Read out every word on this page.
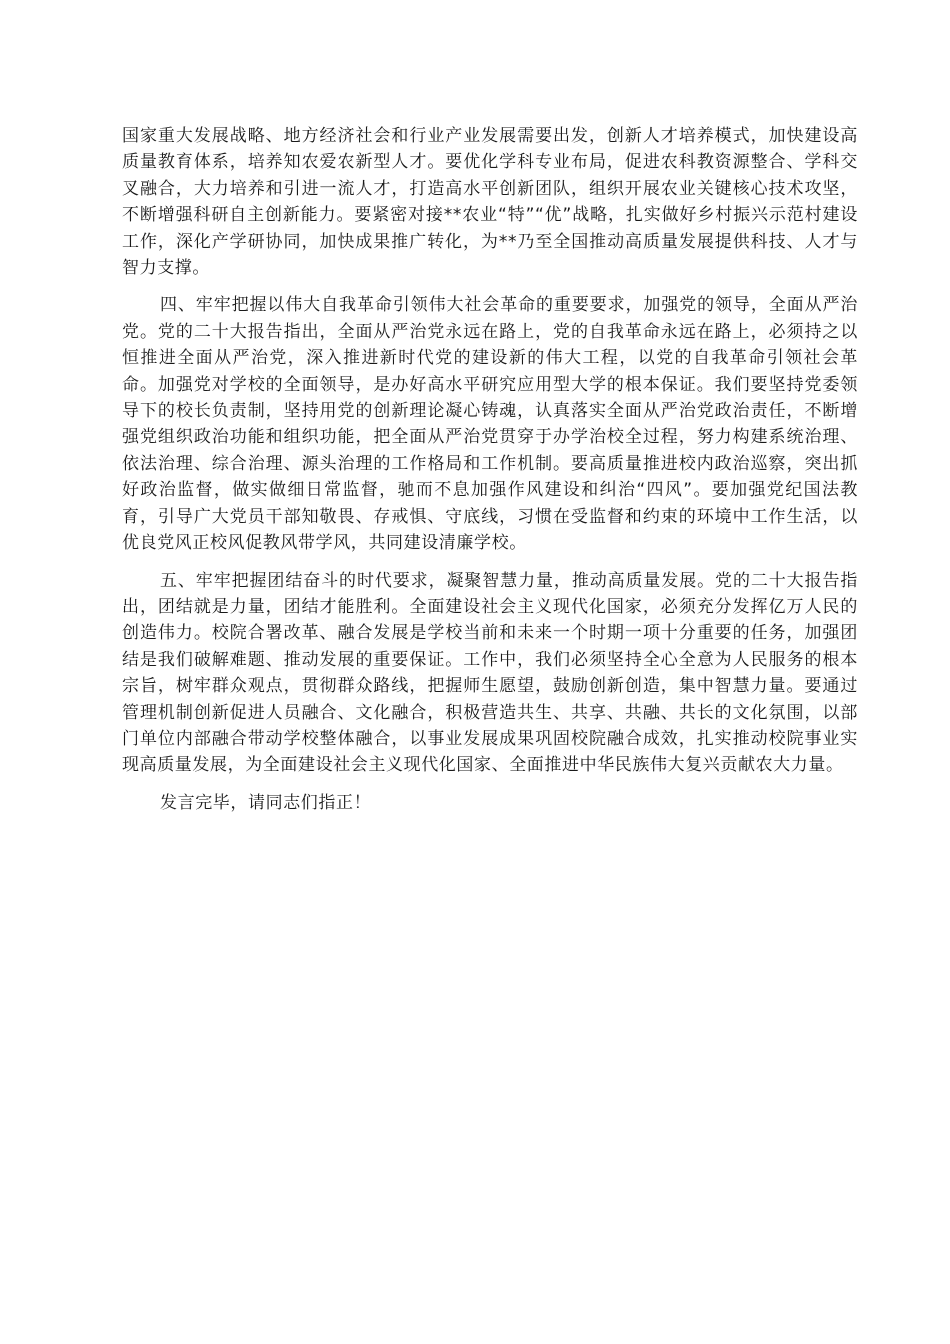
国家重大发展战略、地方经济社会和行业产业发展需要出发，创新人才培养模式，加快建设高质量教育体系，培养知农爱农新型人才。要优化学科专业布局，促进农科教资源整合、学科交叉融合，大力培养和引进一流人才，打造高水平创新团队，组织开展农业关键核心技术攻坚，不断增强科研自主创新能力。要紧密对接**农业“特”“优”战略，扎实做好乡村振兴示范村建设工作，深化产学研协同，加快成果推广转化，为**乃至全国推动高质量发展提供科技、人才与智力支撑。

四、牢牢把握以伟大自我革命引领伟大社会革命的重要要求，加强党的领导，全面从严治党。党的二十大报告指出，全面从严治党永远在路上，党的自我革命永远在路上，必须持之以恒推进全面从严治党，深入推进新时代党的建设新的伟大工程，以党的自我革命引领社会革命。加强党对学校的全面领导，是办好高水平研究应用型大学的根本保证。我们要坚持党委领导下的校长负责制，坚持用党的创新理论凝心铸魂，认真落实全面从严治党政治责任，不断增强党组织政治功能和组织功能，把全面从严治党贯穿于办学治校全过程，努力构建系统治理、依法治理、综合治理、源头治理的工作格局和工作机制。要高质量推进校内政治巡察，突出抓好政治监督，做实做细日常监督，驰而不息加强作风建设和纠治“四风”。要加强党纪国法教育，引导广大党员干部知敬畏、存戒惧、守底线，习惯在受监督和约束的环境中工作生活，以优良党风正校风促教风带学风，共同建设清廉学校。

五、牢牢把握团结奋斗的时代要求，凝聚智慧力量，推动高质量发展。党的二十大报告指出，团结就是力量，团结才能胜利。全面建设社会主义现代化国家，必须充分发挥亿万人民的创造伟力。校院合署改革、融合发展是学校当前和未来一个时期一项十分重要的任务，加强团结是我们破解难题、推动发展的重要保证。工作中，我们必须坚持全心全意为人民服务的根本宗旨，树牢群众观点，贯彻群众路线，把握师生愿望，鼓励创新创造，集中智慧力量。要通过管理机制创新促进人员融合、文化融合，积极营造共生、共享、共融、共长的文化氛围，以部门单位内部融合带动学校整体融合，以事业发展成果巩固校院融合成效，扎实推动校院事业实现高质量发展，为全面建设社会主义现代化国家、全面推进中华民族伟大复兴贡献农大力量。

发言完毕，请同志们指正！
